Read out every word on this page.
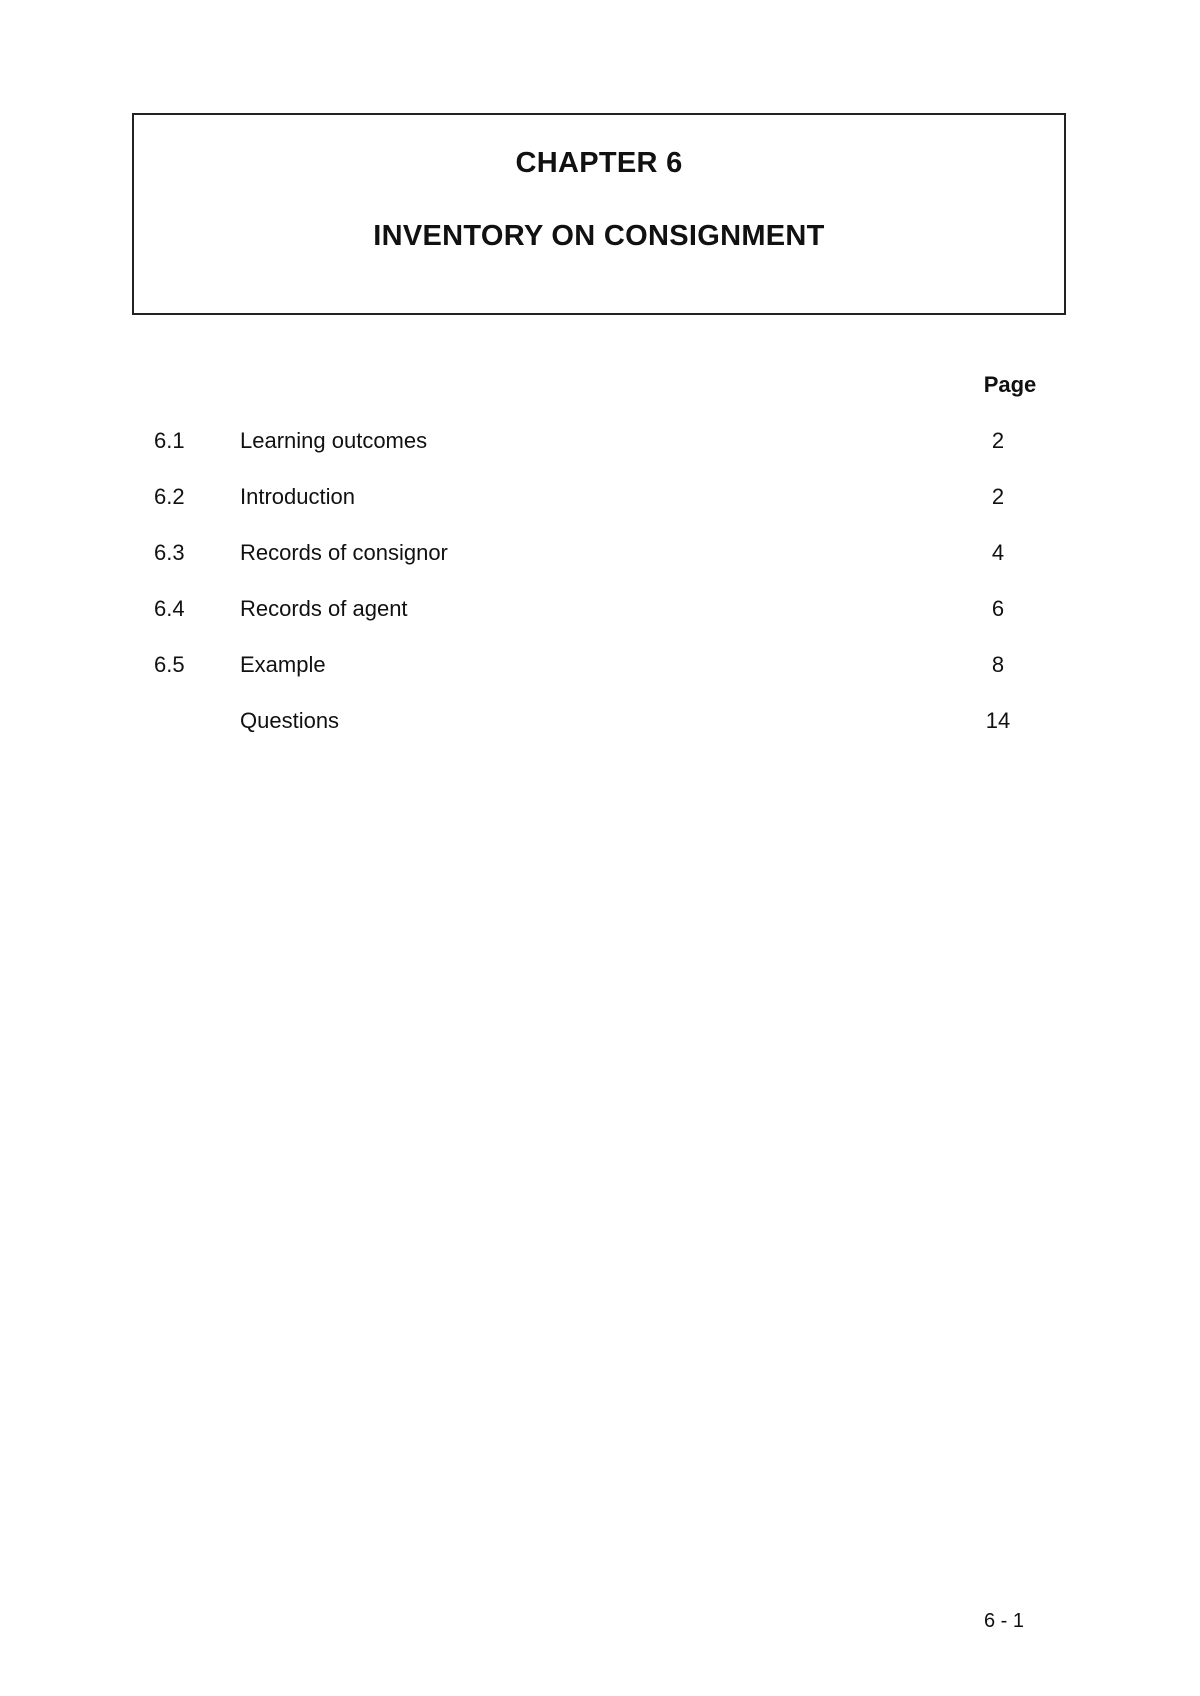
CHAPTER 6
INVENTORY ON CONSIGNMENT
Page
6.1	Learning outcomes	2
6.2	Introduction	2
6.3	Records of consignor	4
6.4	Records of agent	6
6.5	Example	8
Questions	14
6 - 1
